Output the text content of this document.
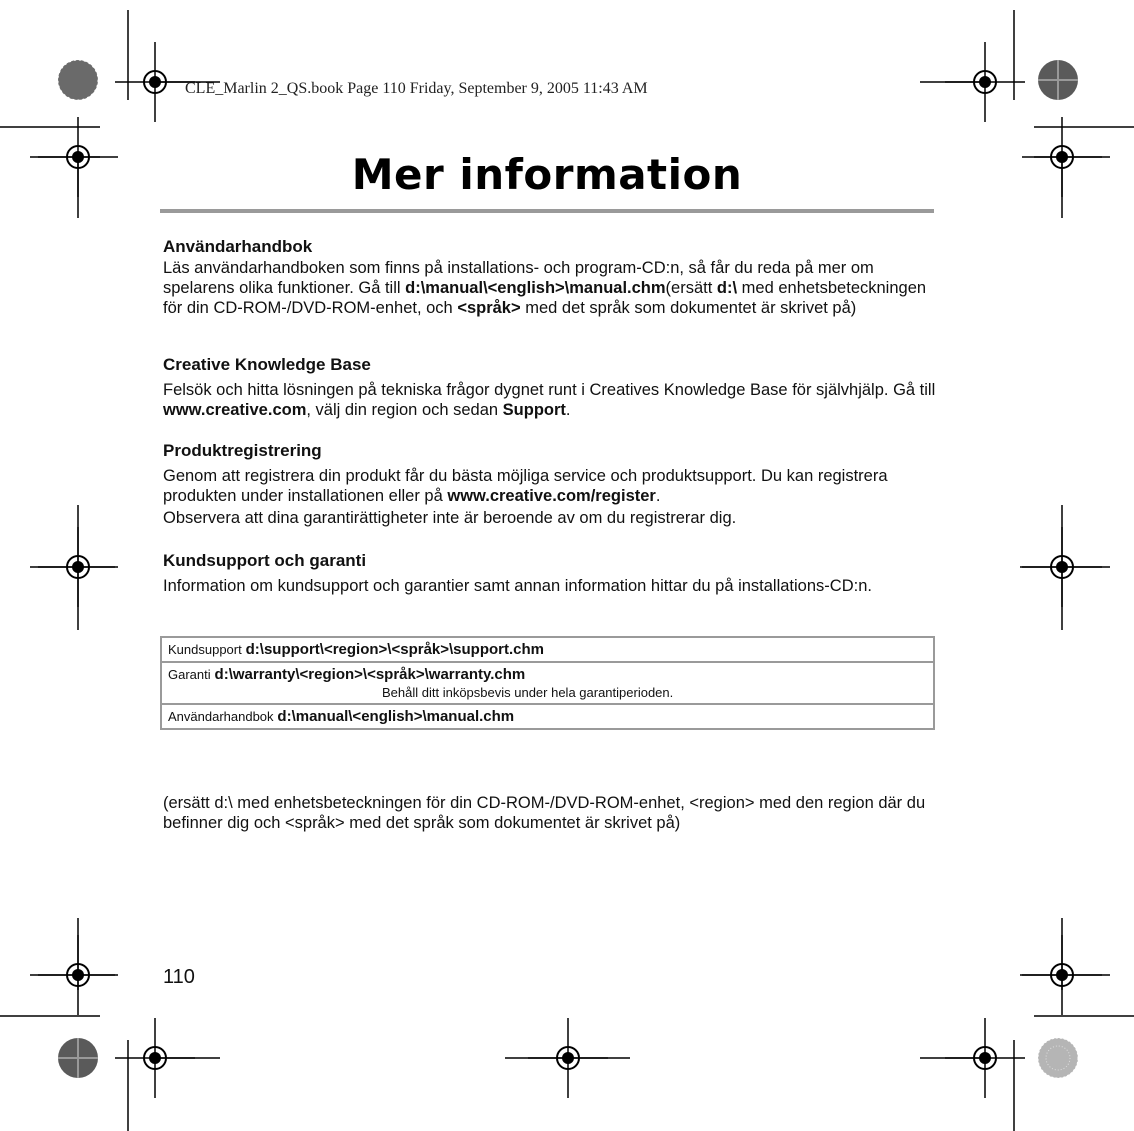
CLE_Marlin 2_QS.book Page 110 Friday, September 9, 2005 11:43 AM
Mer information
Användarhandbok

Läs användarhandboken som finns på installations- och program-CD:n, så får du reda på mer om spelarens olika funktioner. Gå till d:\manual\<english>\manual.chm(ersätt d:\ med enhetsbeteckningen för din CD-ROM-/DVD-ROM-enhet, och <språk> med det språk som dokumentet är skrivet på)

Creative Knowledge Base

Felsök och hitta lösningen på tekniska frågor dygnet runt i Creatives Knowledge Base för självhjälp. Gå till www.creative.com, välj din region och sedan Support.

Produktregistrering

Genom att registrera din produkt får du bästa möjliga service och produktsupport. Du kan registrera produkten under installationen eller på www.creative.com/register.

Observera att dina garantirättigheter inte är beroende av om du registrerar dig.

Kundsupport och garanti

Information om kundsupport och garantier samt annan information hittar du på installations-CD:n.

Kundsupport d:\support\<region>\<språk>\support.chm
Garanti d:\warranty\<region>\<språk>\warranty.chm
Behåll ditt inköpsbevis under hela garantiperioden.

Användarhandbok d:\manual\<english>\manual.chm
(ersätt d:\ med enhetsbeteckningen för din CD-ROM-/DVD-ROM-enhet, <region> med den region där du befinner dig och <språk> med det språk som dokumentet är skrivet på)
110
